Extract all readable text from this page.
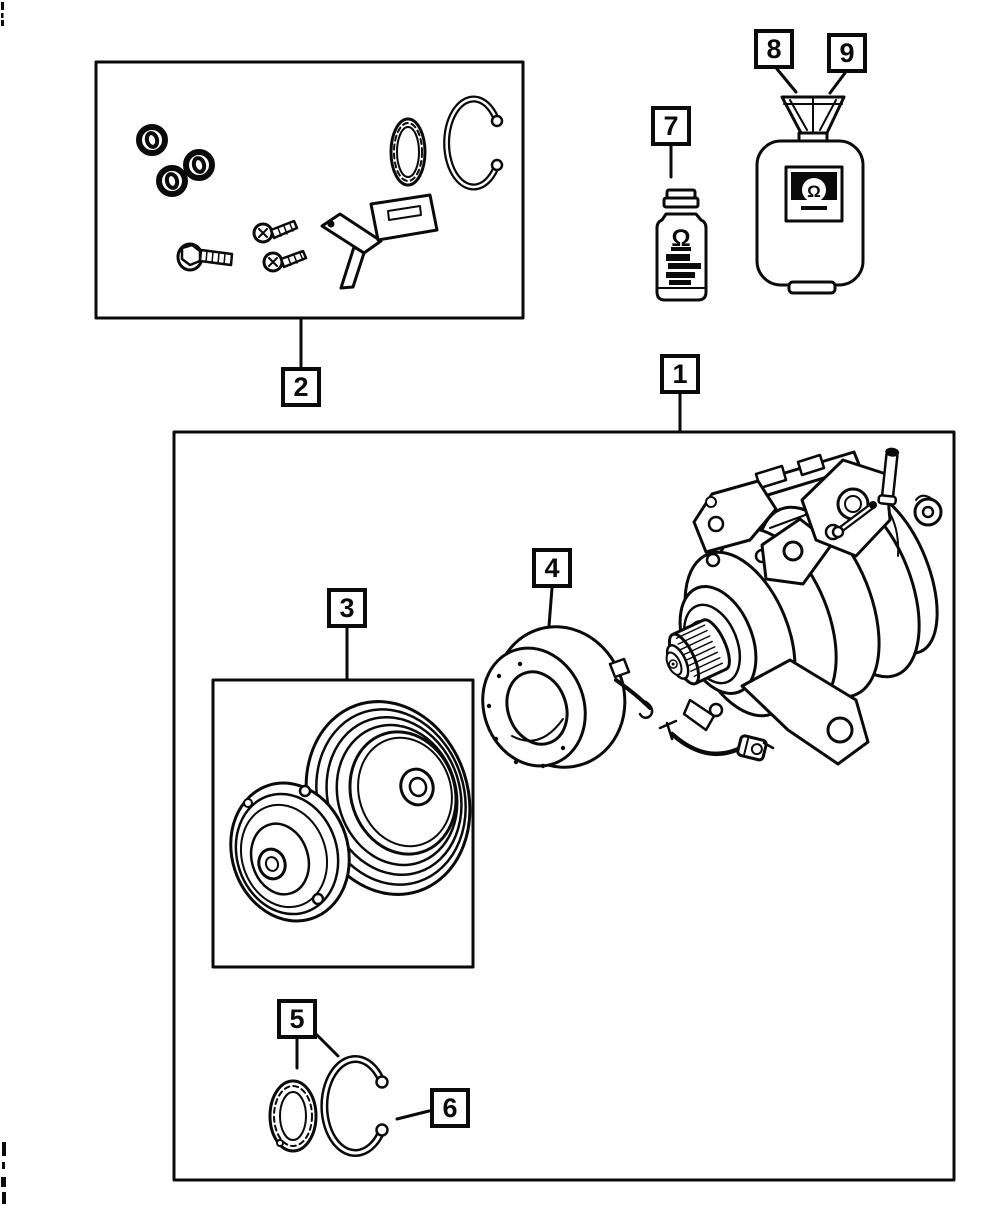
Ω
Ω
1
2
3
4
5
6
7
8	9
